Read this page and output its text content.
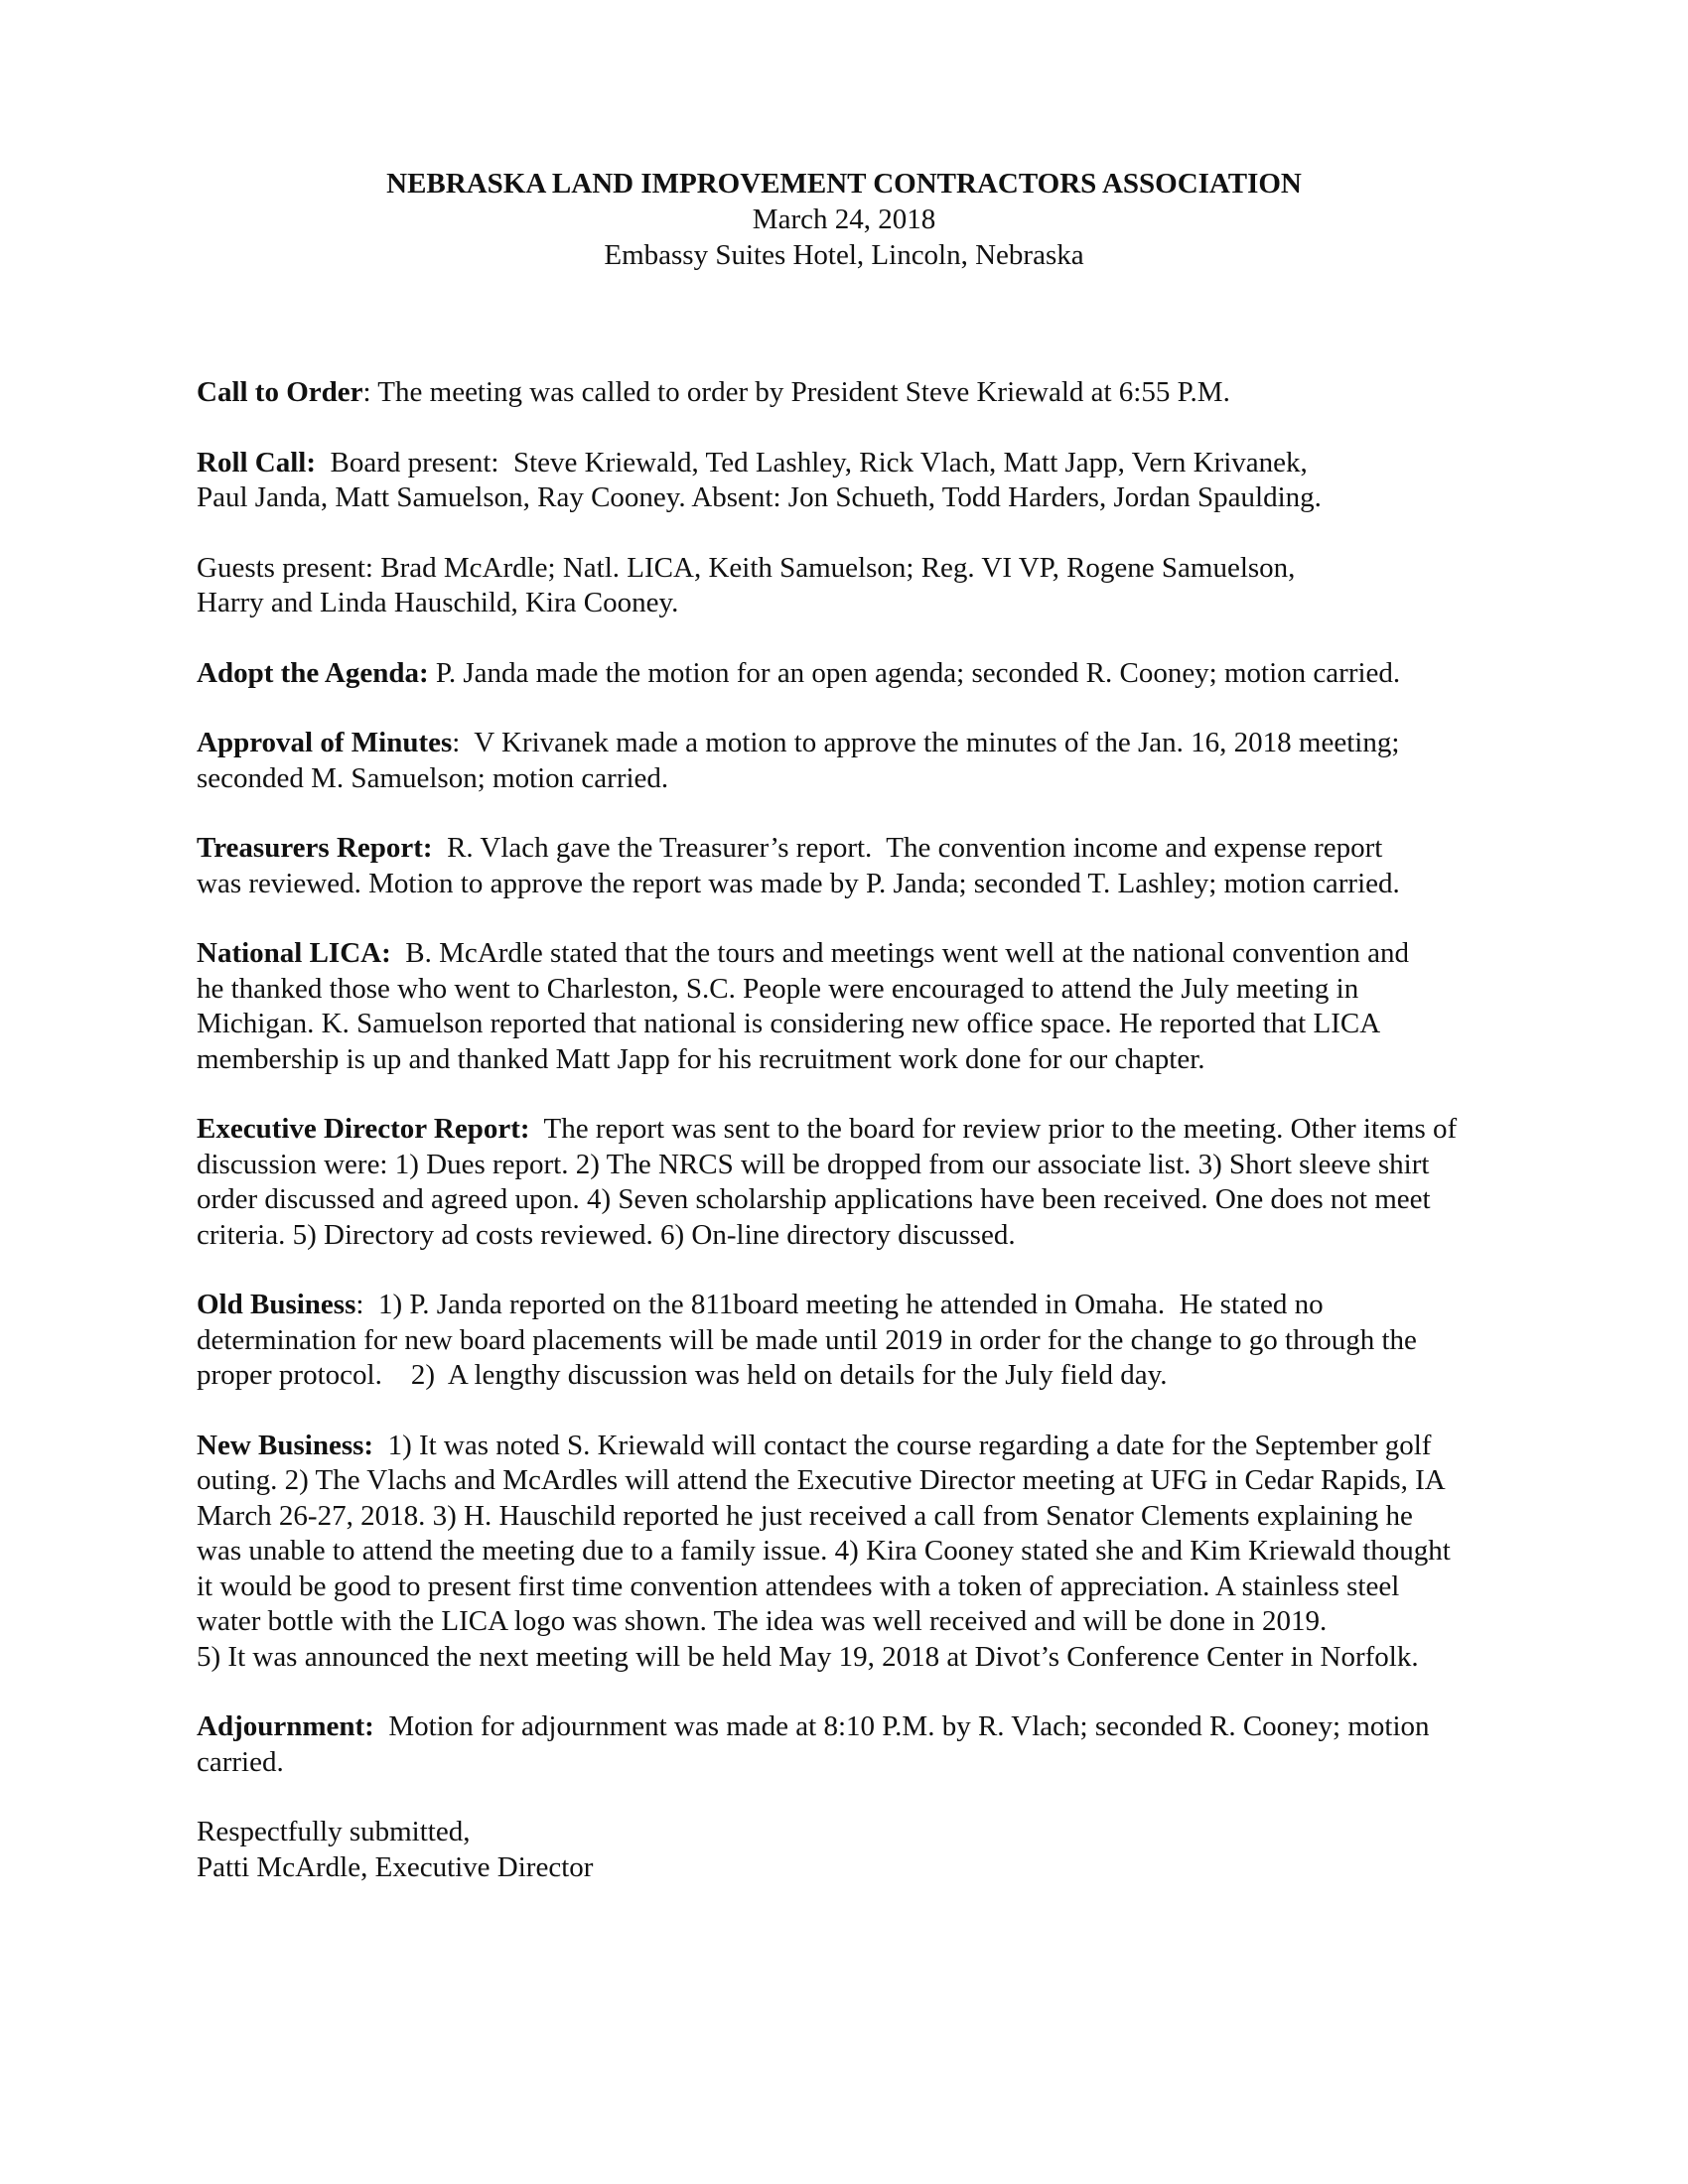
NEBRASKA LAND IMPROVEMENT CONTRACTORS ASSOCIATION
March 24, 2018
Embassy Suites Hotel, Lincoln, Nebraska
Call to Order: The meeting was called to order by President Steve Kriewald at 6:55 P.M.
Roll Call:  Board present:  Steve Kriewald, Ted Lashley, Rick Vlach, Matt Japp, Vern Krivanek,
Paul Janda, Matt Samuelson, Ray Cooney. Absent: Jon Schueth, Todd Harders, Jordan Spaulding.
Guests present: Brad McArdle; Natl. LICA, Keith Samuelson; Reg. VI VP, Rogene Samuelson,
Harry and Linda Hauschild, Kira Cooney.
Adopt the Agenda: P. Janda made the motion for an open agenda; seconded R. Cooney; motion carried.
Approval of Minutes:  V Krivanek made a motion to approve the minutes of the Jan. 16, 2018 meeting;
seconded M. Samuelson; motion carried.
Treasurers Report:  R. Vlach gave the Treasurer’s report.  The convention income and expense report
was reviewed. Motion to approve the report was made by P. Janda; seconded T. Lashley; motion carried.
National LICA:  B. McArdle stated that the tours and meetings went well at the national convention and
he thanked those who went to Charleston, S.C. People were encouraged to attend the July meeting in
Michigan. K. Samuelson reported that national is considering new office space. He reported that LICA
membership is up and thanked Matt Japp for his recruitment work done for our chapter.
Executive Director Report:  The report was sent to the board for review prior to the meeting. Other items of
discussion were: 1) Dues report. 2) The NRCS will be dropped from our associate list. 3) Short sleeve shirt
order discussed and agreed upon. 4) Seven scholarship applications have been received. One does not meet
criteria. 5) Directory ad costs reviewed. 6) On-line directory discussed.
Old Business:  1) P. Janda reported on the 811board meeting he attended in Omaha.  He stated no
determination for new board placements will be made until 2019 in order for the change to go through the
proper protocol.    2)  A lengthy discussion was held on details for the July field day.
New Business:  1) It was noted S. Kriewald will contact the course regarding a date for the September golf
outing. 2) The Vlachs and McArdles will attend the Executive Director meeting at UFG in Cedar Rapids, IA
March 26-27, 2018. 3) H. Hauschild reported he just received a call from Senator Clements explaining he
was unable to attend the meeting due to a family issue. 4) Kira Cooney stated she and Kim Kriewald thought
it would be good to present first time convention attendees with a token of appreciation. A stainless steel
water bottle with the LICA logo was shown. The idea was well received and will be done in 2019.
5) It was announced the next meeting will be held May 19, 2018 at Divot’s Conference Center in Norfolk.
Adjournment:  Motion for adjournment was made at 8:10 P.M. by R. Vlach; seconded R. Cooney; motion
carried.
Respectfully submitted,
Patti McArdle, Executive Director
